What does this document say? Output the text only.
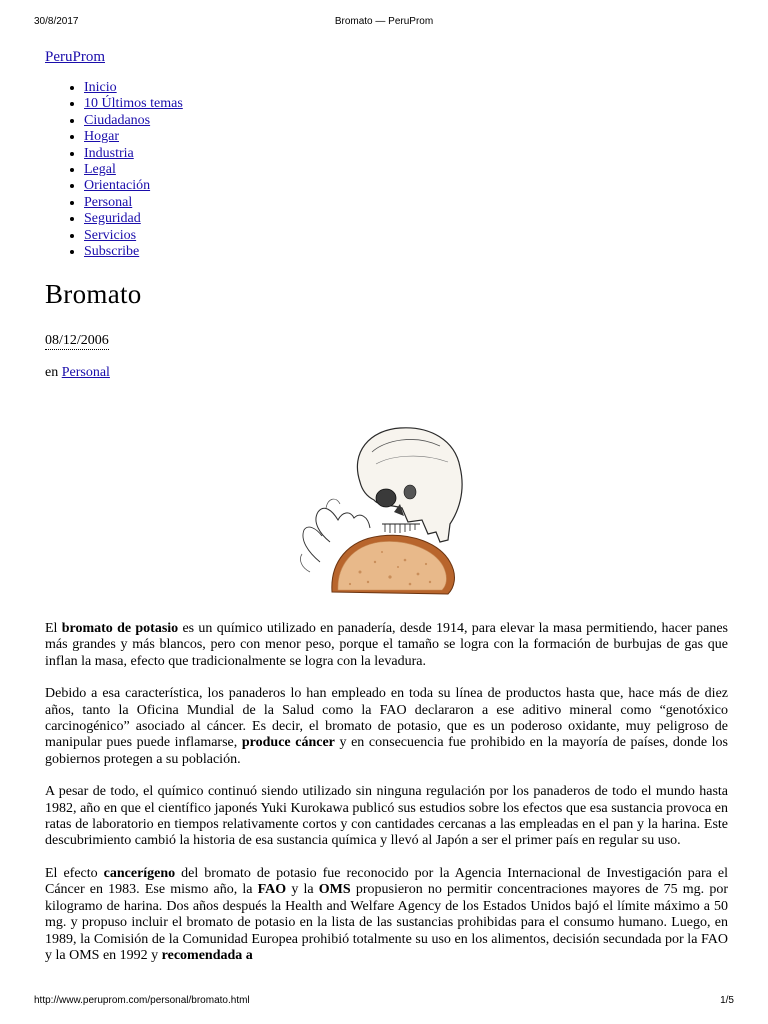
30/8/2017	Bromato — PeruProm
PeruProm
• Inicio
• 10 Últimos temas
• Ciudadanos
• Hogar
• Industria
• Legal
• Orientación
• Personal
• Seguridad
• Servicios
• Subscribe
Bromato
08/12/2006
en Personal

El bromato de potasio es un químico utilizado en panadería, desde 1914, para elevar la masa permitiendo, hacer panes más grandes y más blancos, pero con menor peso, porque el tamaño se logra con la formación de burbujas de gas que inflan la masa, efecto que tradicionalmente se logra con la levadura.

Debido a esa característica, los panaderos lo han empleado en toda su línea de productos hasta que, hace más de diez años, tanto la Oficina Mundial de la Salud como la FAO declararon a ese aditivo mineral como “genotóxico carcinogénico” asociado al cáncer. Es decir, el bromato de potasio, que es un poderoso oxidante, muy peligroso de manipular pues puede inflamarse, produce cáncer y en consecuencia fue prohibido en la mayoría de países, donde los gobiernos protegen a su población.

A pesar de todo, el químico continuó siendo utilizado sin ninguna regulación por los panaderos de todo el mundo hasta 1982, año en que el científico japonés Yuki Kurokawa publicó sus estudios sobre los efectos que esa sustancia provoca en ratas de laboratorio en tiempos relativamente cortos y con cantidades cercanas a las empleadas en el pan y la harina. Este descubrimiento cambió la historia de esa sustancia química y llevó al Japón a ser el primer país en regular su uso.

El efecto cancerígeno del bromato de potasio fue reconocido por la Agencia Internacional de Investigación para el Cáncer en 1983. Ese mismo año, la FAO y la OMS propusieron no permitir concentraciones mayores de 75 mg. por kilogramo de harina. Dos años después la Health and Welfare Agency de los Estados Unidos bajó el límite máximo a 50 mg. y propuso incluir el bromato de potasio en la lista de las sustancias prohibidas para el consumo humano. Luego, en 1989, la Comisión de la Comunidad Europea prohibió totalmente su uso en los alimentos, decisión secundada por la FAO y la OMS en 1992 y recomendada a

http://www.peruprom.com/personal/bromato.html	1/5
